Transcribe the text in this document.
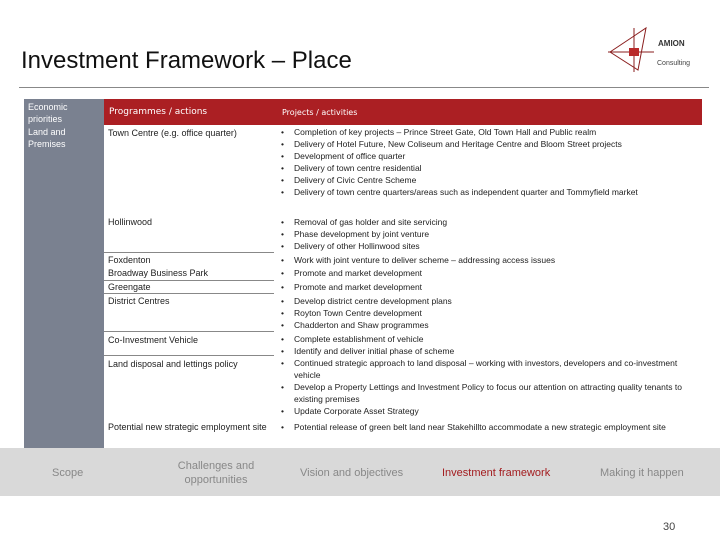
Investment Framework – Place
AMION
Consulting
Economic priorities
Land and Premises
Programmes / actions	Projects / activities
Town Centre (e.g. office quarter)	• Completion of key projects – Prince Street Gate, Old Town Hall and Public realm
• Delivery of Hotel Future, New Coliseum and Heritage Centre and Bloom Street projects
• Development of office quarter
• Delivery of town centre residential
• Delivery of Civic Centre Scheme
• Delivery of town centre quarters/areas such as independent quarter and Tommyfield market
Hollinwood	• Removal of gas holder and site servicing
• Phase development by joint venture
• Delivery of other Hollinwood sites
Foxdenton	• Work with joint venture to deliver scheme – addressing access issues
Broadway Business Park	• Promote and market development
Greengate	• Promote and market development
District Centres	• Develop district centre development plans
• Royton Town Centre development
• Chadderton and Shaw programmes
Co-Investment Vehicle	• Complete establishment of vehicle
• Identify and deliver initial phase of scheme
Land disposal and lettings policy	• Continued strategic approach to land disposal – working with investors, developers and co-investment vehicle
• Develop a Property Lettings and Investment Policy to focus our attention on attracting quality tenants to existing premises
• Update Corporate Asset Strategy
Potential new strategic employment site	• Potential release of green belt land near Stakehillto accommodate a new strategic employment site
Scope
Challenges and opportunities
Vision and objectives	Investment framework	Making it happen
30
